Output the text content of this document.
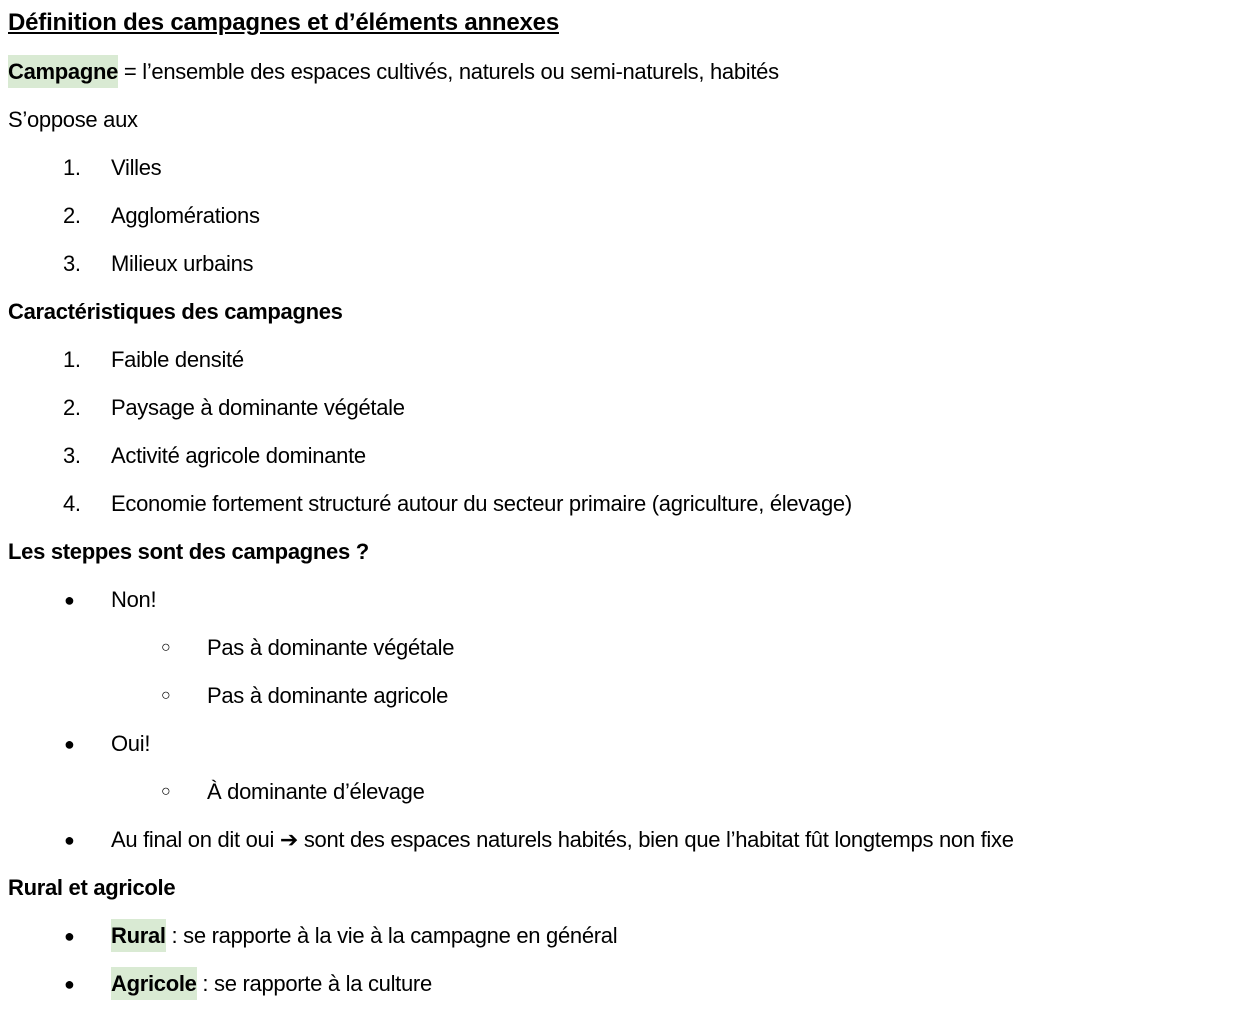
Définition des campagnes et d’éléments annexes
Campagne = l’ensemble des espaces cultivés, naturels ou semi-naturels, habités
S’oppose aux
1. Villes
2. Agglomérations
3. Milieux urbains
Caractéristiques des campagnes
1. Faible densité
2. Paysage à dominante végétale
3. Activité agricole dominante
4. Economie fortement structuré autour du secteur primaire (agriculture, élevage)
Les steppes sont des campagnes ?
● Non!
○ Pas à dominante végétale
○ Pas à dominante agricole
● Oui!
○ À dominante d’élevage
● Au final on dit oui ➔ sont des espaces naturels habités, bien que l’habitat fût longtemps non fixe
Rural et agricole
● Rural : se rapporte à la vie à la campagne en général
● Agricole : se rapporte à la culture
